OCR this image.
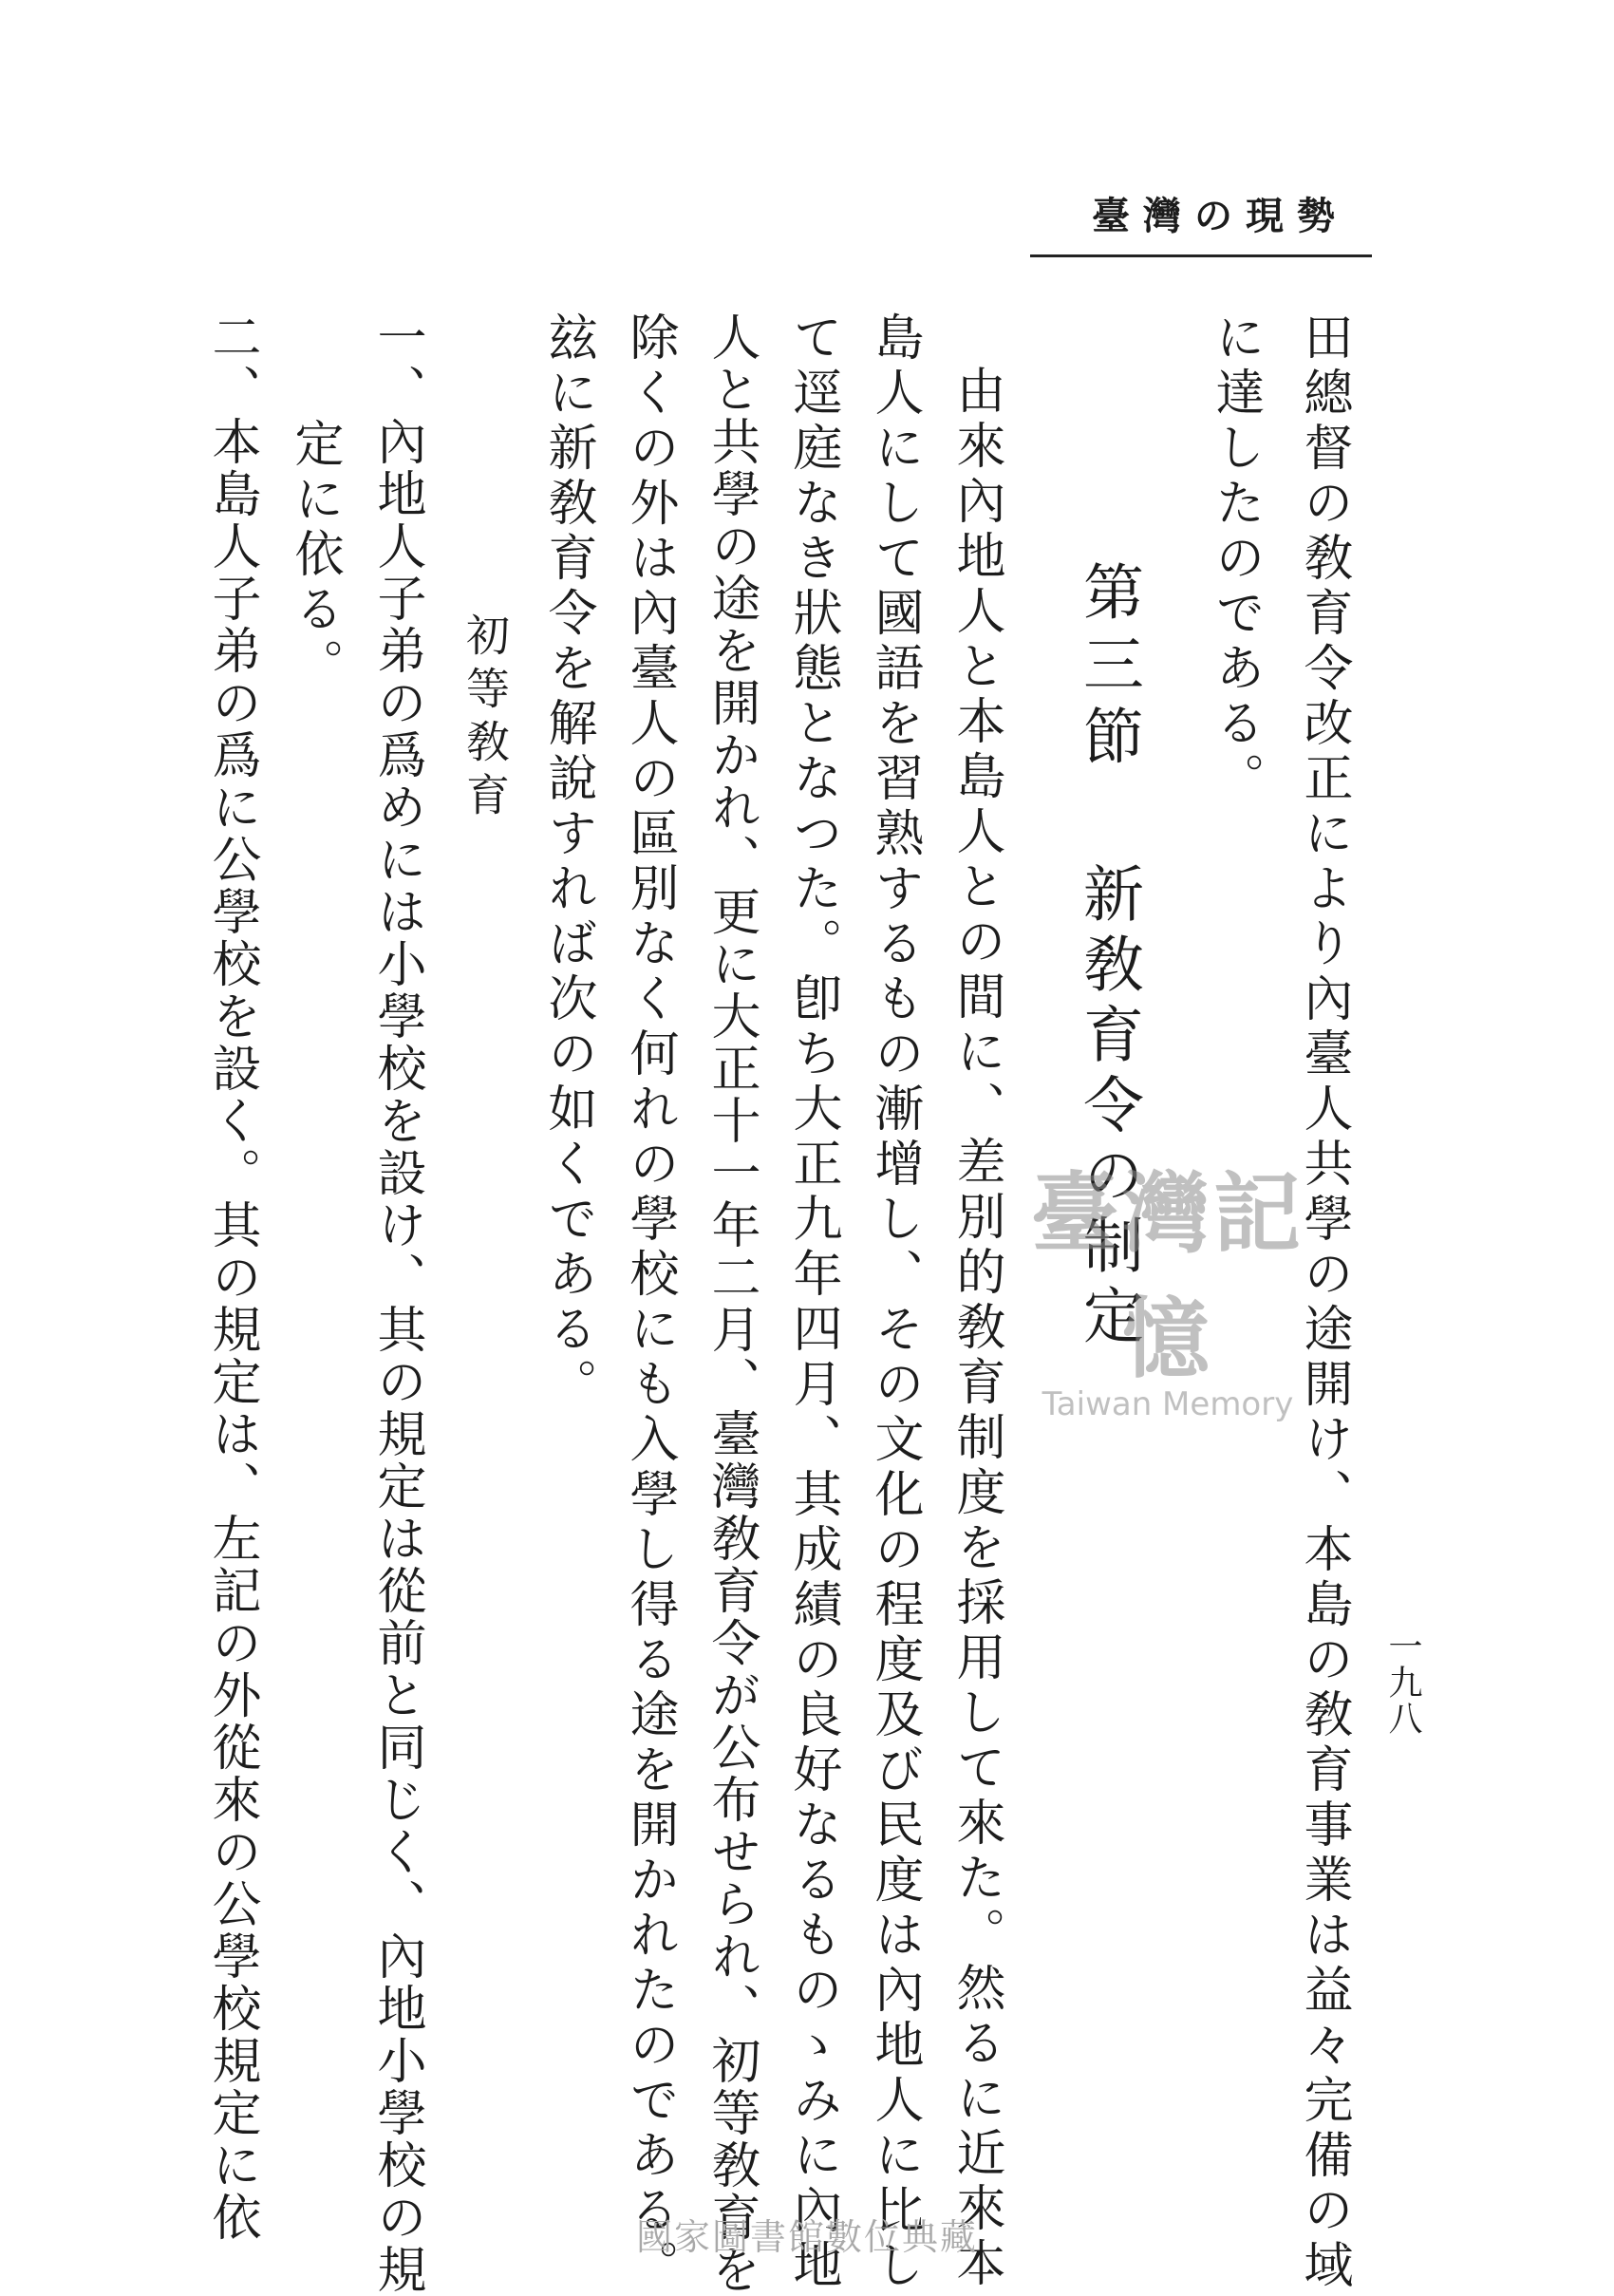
臺灣の現勢
一九八
田總督の敎育令改正により內臺人共學の途開け、本島の敎育事業は益々完備の域
に達したのである。
第三節新敎育令の制定
由來內地人と本島人との間に、差別的敎育制度を採用して來た。然るに近來本
島人にして國語を習熟するもの漸增し、その文化の程度及び民度は內地人に比し
て逕庭なき狀態となつた。卽ち大正九年四月、其成績の良好なるものゝみに內地
人と共學の途を開かれ、更に大正十一年二月、臺灣敎育令が公布せられ、初等敎育を
除くの外は內臺人の區別なく何れの學校にも入學し得る途を開かれたのである。
玆に新敎育令を解說すれば次の如くである。
初等敎育
一、內地人子弟の爲めには小學校を設け、其の規定は從前と同じく、內地小學校の規
定に依る。
二、本島人子弟の爲に公學校を設く。其の規定は、左記の外從來の公學校規定に依	臺灣記憶
Taiwan Memory
國家圖書館數位典藏
